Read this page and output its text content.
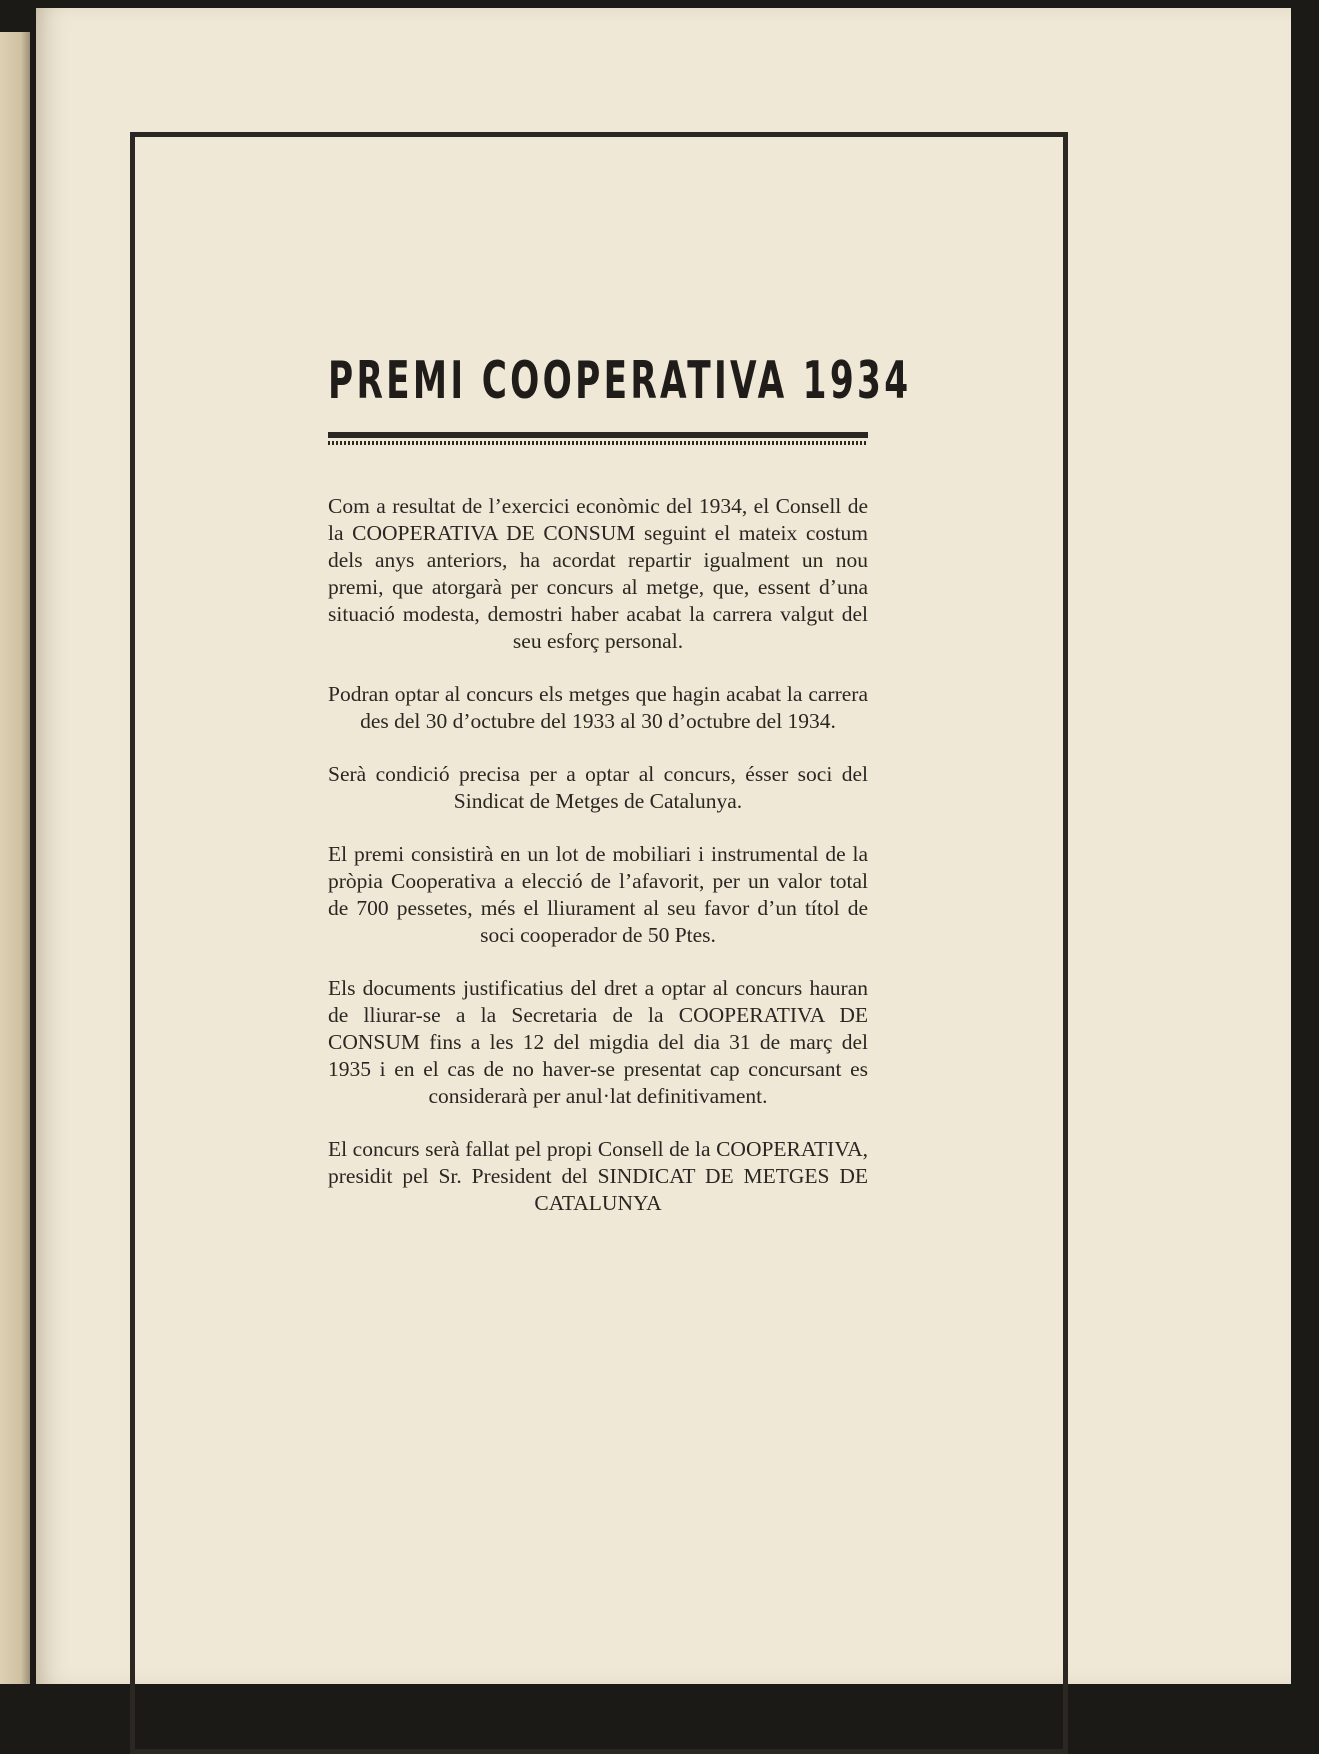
PREMI COOPERATIVA 1934

Com a resultat de l’exercici econòmic del 1934, el Consell de la COOPERATIVA DE CONSUM seguint el mateix costum dels anys anteriors, ha acordat repartir igualment un nou premi, que atorgarà per concurs al metge, que, essent d’una situació modesta, demostri haber acabat la carrera valgut del seu esforç personal.

Podran optar al concurs els metges que hagin acabat la carrera des del 30 d’octubre del 1933 al 30 d’octubre del 1934.

Serà condició precisa per a optar al concurs, ésser soci del Sindicat de Metges de Catalunya.

El premi consistirà en un lot de mobiliari i instrumental de la pròpia Cooperativa a elecció de l’afavorit, per un valor total de 700 pessetes, més el lliurament al seu favor d’un títol de soci cooperador de 50 Ptes.

Els documents justificatius del dret a optar al concurs hauran de lliurar-se a la Secretaria de la COOPERATIVA DE CONSUM fins a les 12 del migdia del dia 31 de març del 1935 i en el cas de no haver-se presentat cap concursant es considerarà per anul·lat definitivament.

El concurs serà fallat pel propi Consell de la COOPERATIVA, presidit pel Sr. President del SINDICAT DE METGES DE CATALUNYA
